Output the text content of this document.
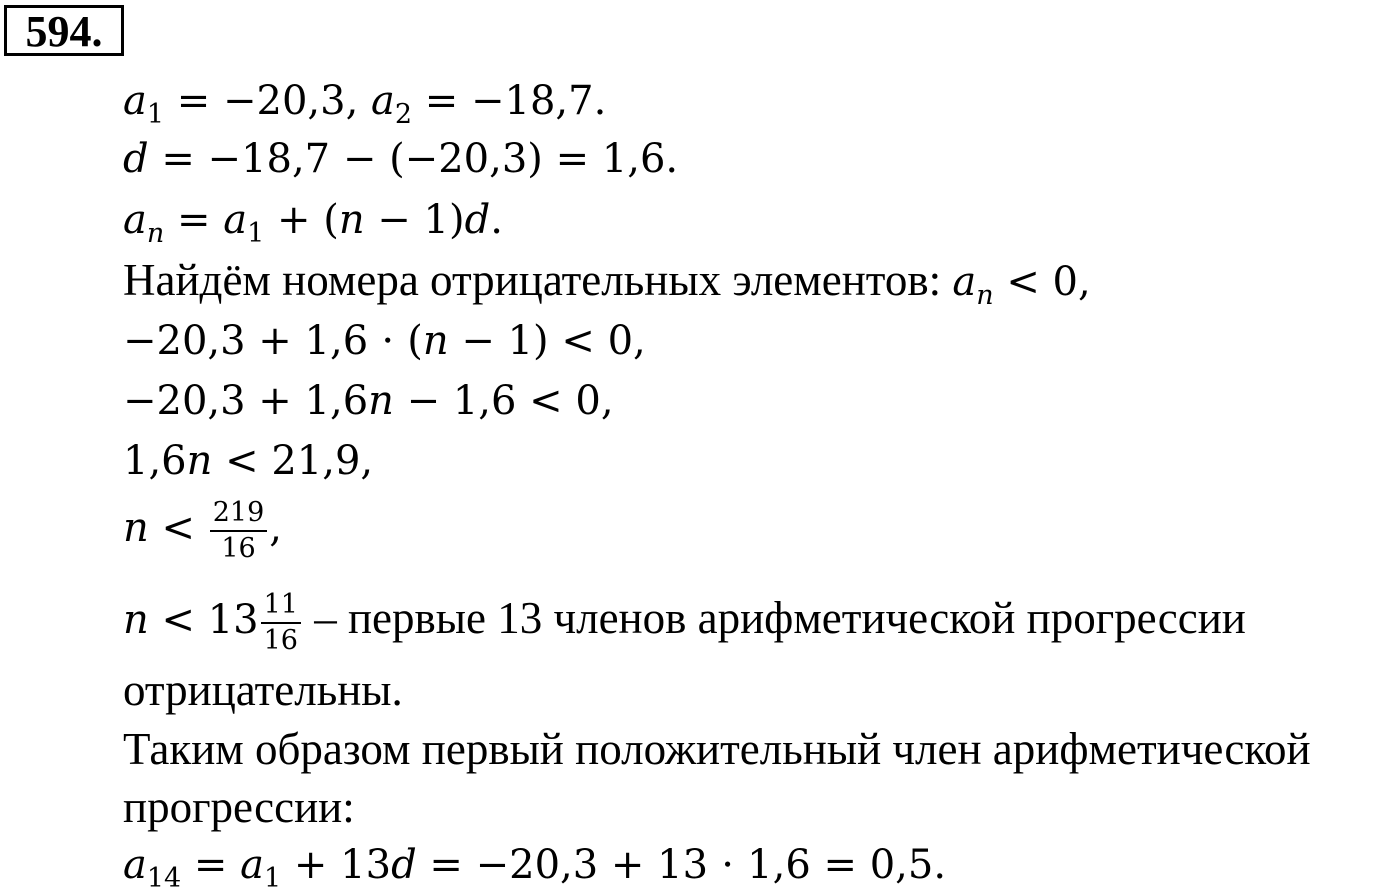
594.
$a_1 = -20,3$, $a_2 = -18,7$.
d = −18,7 − (−20,3) = 1,6.
$a_n = a_1 + (n - 1)d$.
Найдём номера отрицательных элементов: $a_n < 0$,
−20,3 + 1,6 ⋅ (n − 1) < 0,
−20,3 + 1,6n − 1,6 < 0,
1,6n < 21,9,
$n < \frac{219}{16}$ ,
$n < 13 \frac{11}{16}$ – первые 13 членов арифметической прогрессии
отрицательны.
Таким образом первый положительный член арифметической
прогрессии:
$a_{14} = a_1 + 13d = -20,3 + 13 \cdot 1,6 = 0,5$.
